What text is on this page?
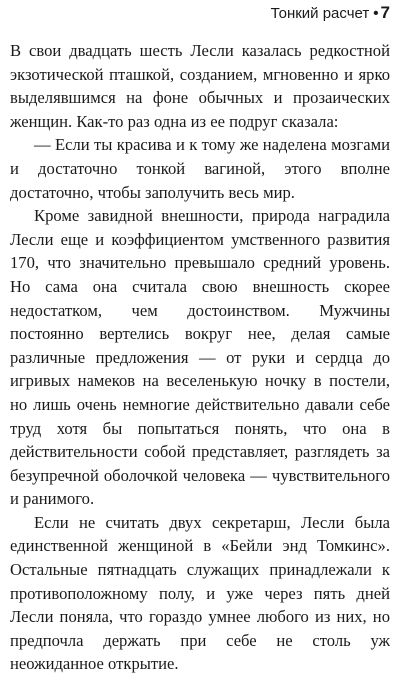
Тонкий расчет • 7

В свои двадцать шесть Лесли казалась редкостной экзотической пташкой, созданием, мгновенно и ярко выделявшимся на фоне обычных и прозаических женщин. Как-то раз одна из ее подруг сказала:

— Если ты красива и к тому же наделена мозгами и достаточно тонкой вагиной, этого вполне достаточно, чтобы заполучить весь мир.

Кроме завидной внешности, природа наградила Лесли еще и коэффициентом умственного развития 170, что значительно превышало средний уровень. Но сама она считала свою внешность скорее недостатком, чем достоинством. Мужчины постоянно вертелись вокруг нее, делая самые различные предложения — от руки и сердца до игривых намеков на веселенькую ночку в постели, но лишь очень немногие действительно давали себе труд хотя бы попытаться понять, что она в действительности собой представляет, разглядеть за безупречной оболочкой человека — чувствительного и ранимого.

Если не считать двух секретарш, Лесли была единственной женщиной в «Бейли энд Томкинс». Остальные пятнадцать служащих принадлежали к противоположному полу, и уже через пять дней Лесли поняла, что гораздо умнее любого из них, но предпочла держать при себе не столь уж неожиданное открытие.
